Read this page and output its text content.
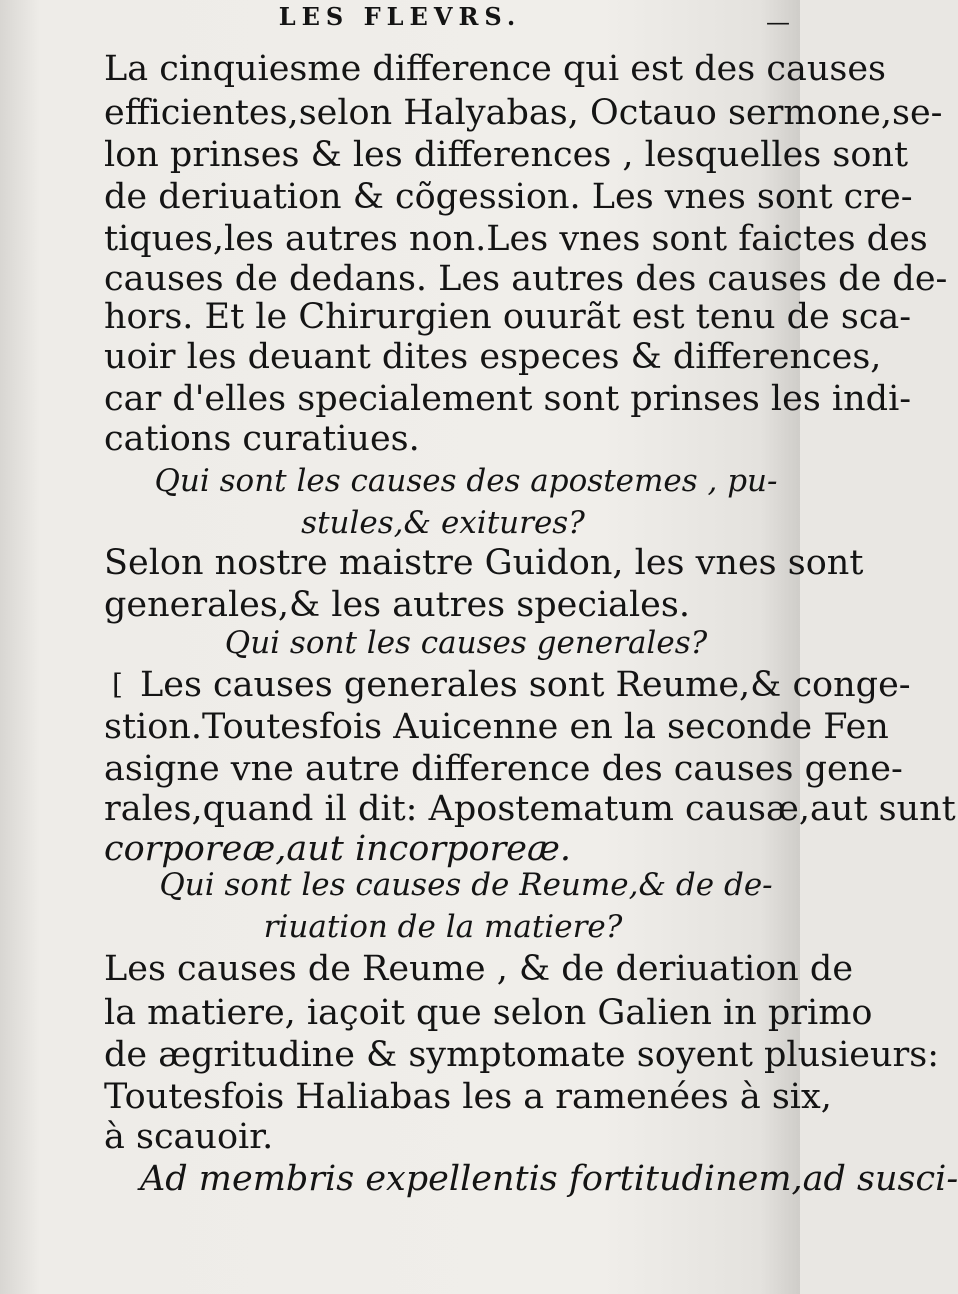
LES FLEVRS.	—
La cinquiesme difference qui est des causes
efficientes,selon Halyabas, Octauo sermone,se-
lon prinses & les differences , lesquelles sont
de deriuation & cõgession. Les vnes sont cre-
tiques,les autres non.Les vnes sont faictes des
causes de dedans. Les autres des causes de de-
hors. Et le Chirurgien ouurãt est tenu de sca-
uoir les deuant dites especes & differences,
car d'elles specialement sont prinses les indi-
cations curatiues.
Qui sont les causes des apostemes , pu-
stules,& exitures?
Selon nostre maistre Guidon, les vnes sont
generales,& les autres speciales.
Qui sont les causes generales?
[ Les causes generales sont Reume,& conge-
stion.Toutesfois Auicenne en la seconde Fen
asigne vne autre difference des causes gene-
rales,quand il dit: Apostematum causæ,aut sunt
corporeæ,aut incorporeæ.
Qui sont les causes de Reume,& de de-
riuation de la matiere?
Les causes de Reume , & de deriuation de
la matiere, iaçoit que selon Galien in primo
de ægritudine & symptomate soyent plusieurs:
Toutesfois Haliabas les a ramenées à six,
à scauoir.
Ad membris expellentis fortitudinem,ad susci-
